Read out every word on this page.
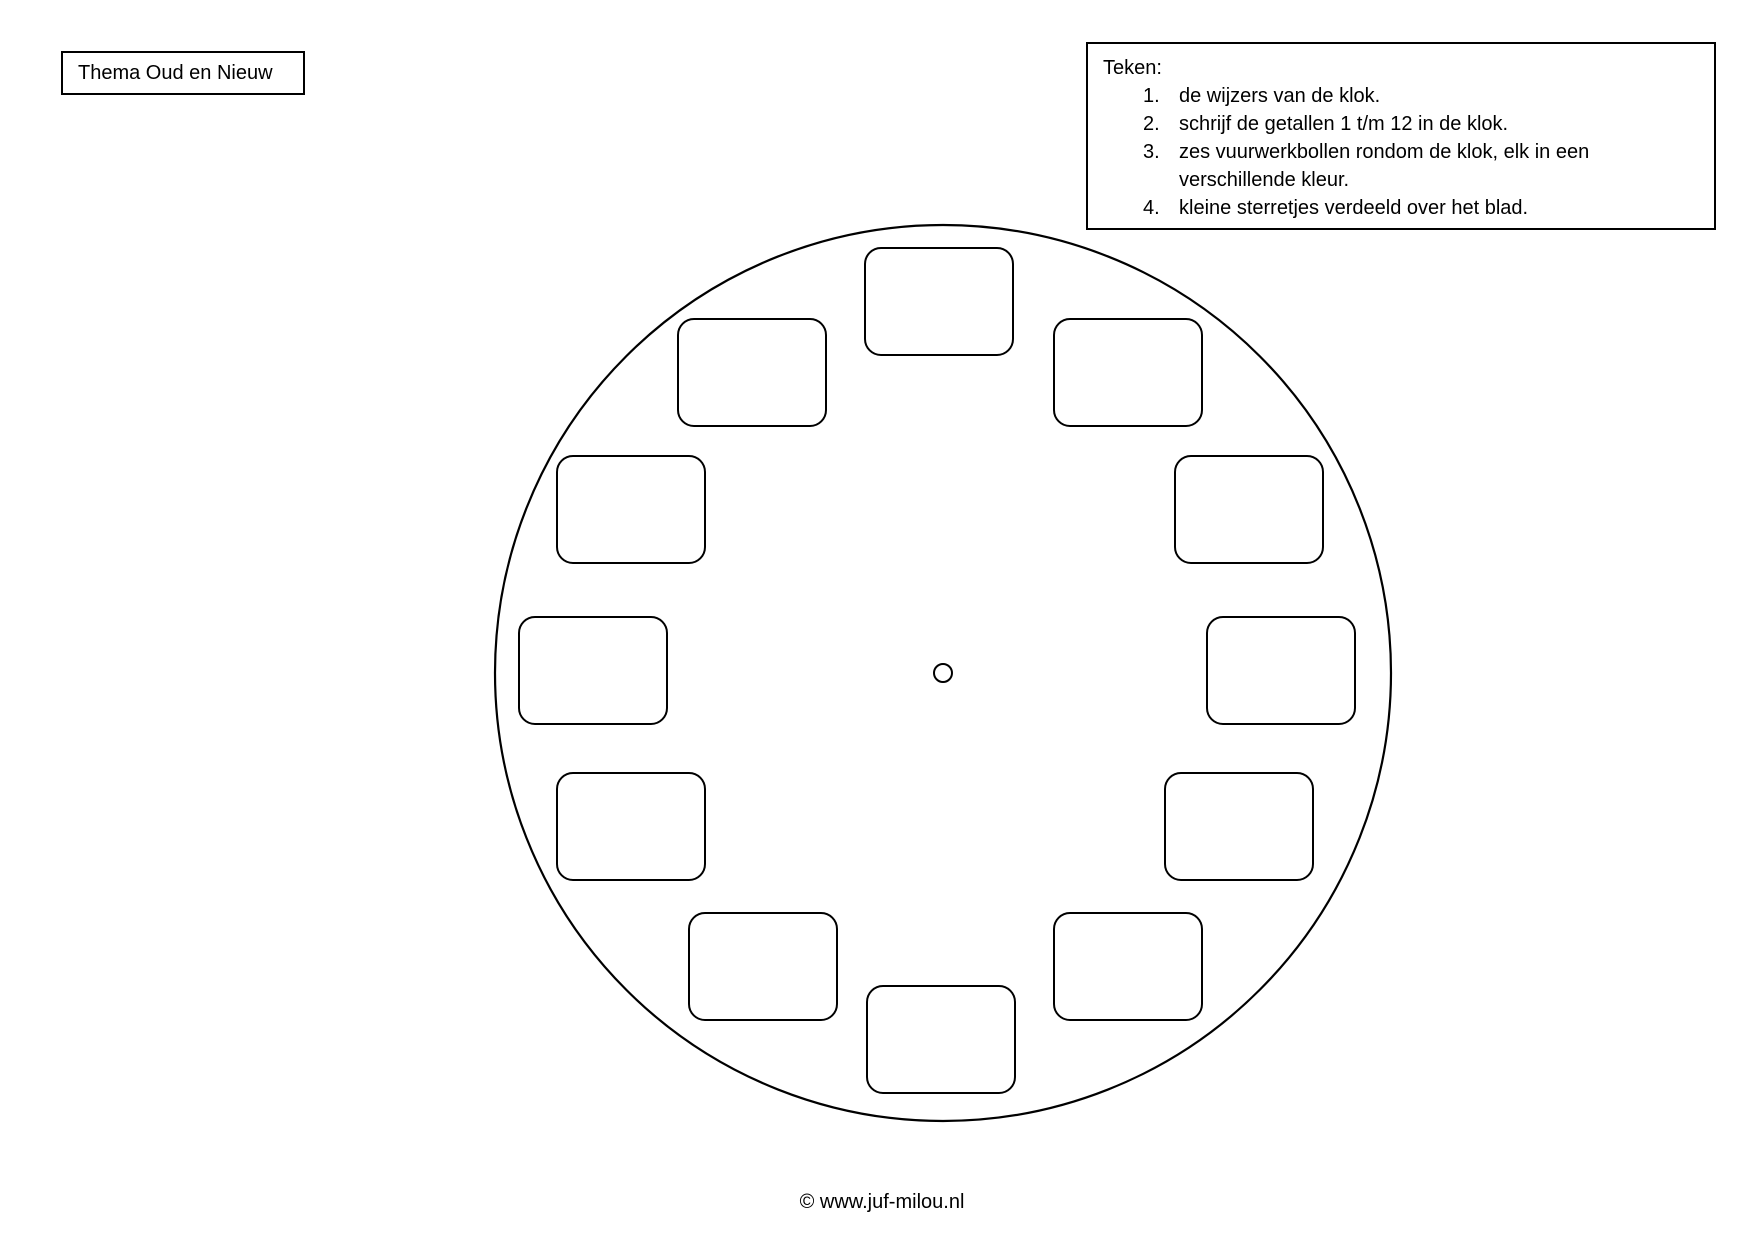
Thema Oud en Nieuw	Teken:
1. de wijzers van de klok.
2. schrijf de getallen 1 t/m 12 in de klok.
3. zes vuurwerkbollen rondom de klok, elk in een verschillende kleur.
4. kleine sterretjes verdeeld over het blad.
© www.juf-milou.nl
